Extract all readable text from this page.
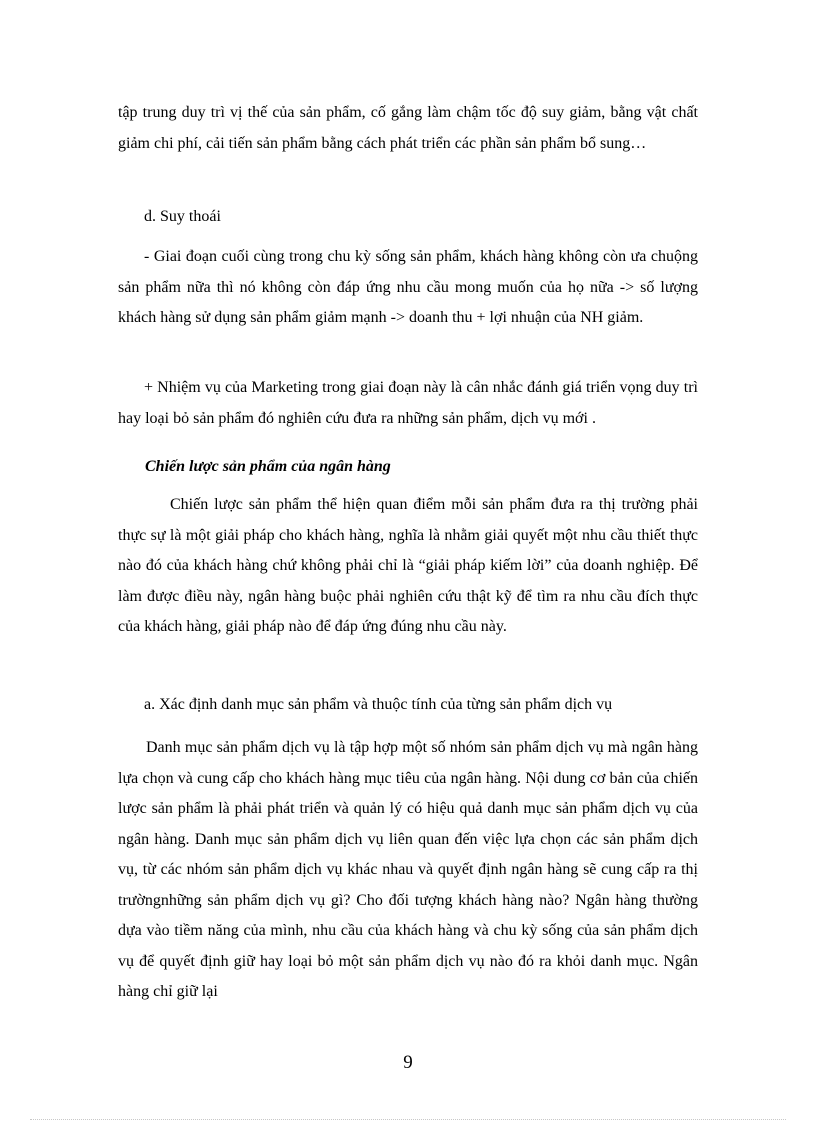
tập trung duy trì vị thế của sản phẩm, cố gắng làm chậm tốc độ suy giảm, bằng vật chất giảm chi phí, cải tiến sản phẩm bằng cách phát triển các phần sản phẩm bổ sung…

d. Suy thoái

- Giai đoạn cuối cùng trong chu kỳ sống sản phẩm, khách hàng không còn ưa chuộng sản phẩm nữa thì nó không còn đáp ứng nhu cầu mong muốn của họ nữa -> số lượng khách hàng sử dụng sản phẩm giảm mạnh -> doanh thu + lợi nhuận của NH giảm.

+ Nhiệm vụ của Marketing trong giai đoạn này là cân nhắc đánh giá triển vọng duy trì hay loại bỏ sản phẩm đó nghiên cứu đưa ra những sản phẩm, dịch vụ mới .

Chiến lược sản phẩm của ngân hàng

Chiến lược sản phẩm thể hiện quan điểm mỗi sản phẩm đưa ra thị trường phải thực sự là một giải pháp cho khách hàng, nghĩa là nhằm giải quyết một nhu cầu thiết thực nào đó của khách hàng chứ không phải chỉ là “giải pháp kiếm lời” của doanh nghiệp. Để làm được điều này, ngân hàng buộc phải nghiên cứu thật kỹ để tìm ra nhu cầu đích thực của khách hàng, giải pháp nào để đáp ứng đúng nhu cầu này.

a. Xác định danh mục sản phẩm và thuộc tính của từng sản phẩm dịch vụ

Danh mục sản phẩm dịch vụ là tập hợp một số nhóm sản phẩm dịch vụ mà ngân hàng lựa chọn và cung cấp cho khách hàng mục tiêu của ngân hàng. Nội dung cơ bản của chiến lược sản phẩm là phải phát triển và quản lý có hiệu quả danh mục sản phẩm dịch vụ của ngân hàng. Danh mục sản phẩm dịch vụ liên quan đến việc lựa chọn các sản phẩm dịch vụ, từ các nhóm sản phẩm dịch vụ khác nhau và quyết định ngân hàng sẽ cung cấp ra thị trườngnhững sản phẩm dịch vụ gì? Cho đối tượng khách hàng nào? Ngân hàng thường dựa vào tiềm năng của mình, nhu cầu của khách hàng và chu kỳ sống của sản phẩm dịch vụ để quyết định giữ hay loại bỏ một sản phẩm dịch vụ nào đó ra khỏi danh mục. Ngân hàng chỉ giữ lại

9
